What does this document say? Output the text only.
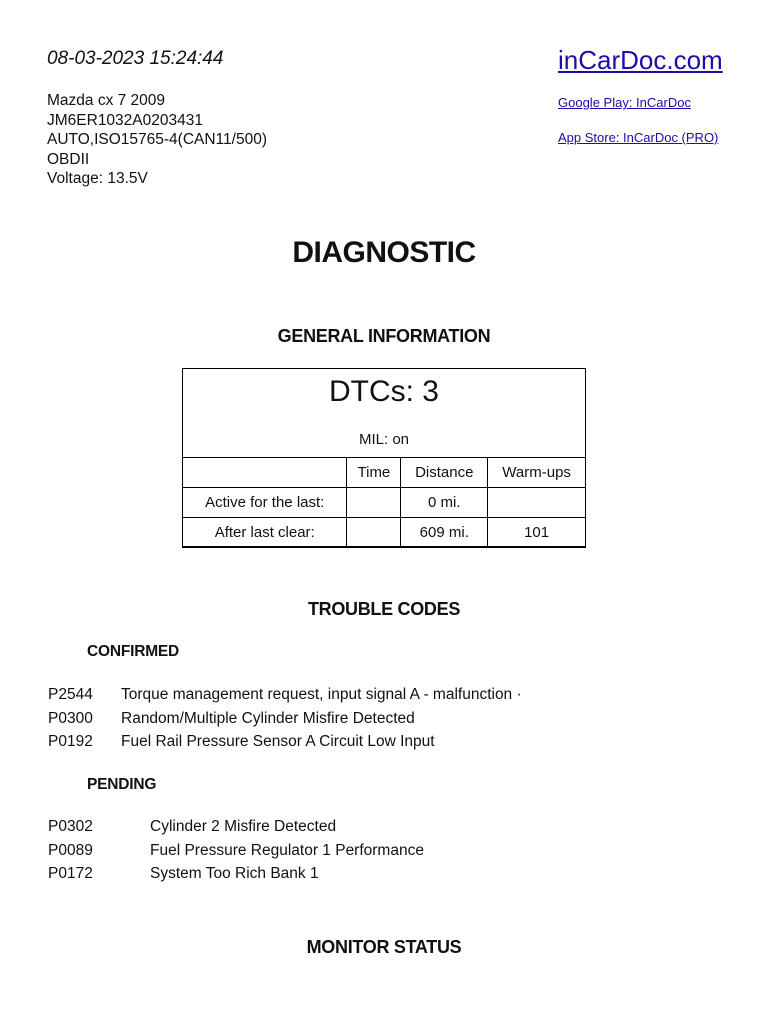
08-03-2023 15:24:44
Mazda cx 7 2009
JM6ER1032A0203431
AUTO,ISO15765-4(CAN11/500)
OBDII
Voltage: 13.5V
inCarDoc.com
Google Play: InCarDoc
App Store: InCarDoc (PRO)
DIAGNOSTIC
GENERAL INFORMATION
DTCs: 3
MIL: on
	Time	Distance	Warm-ups
Active for the last:		0 mi.	
After last clear:		609 mi.	101
TROUBLE CODES
CONFIRMED
P2544 Torque management request, input signal A - malfunction ·
P0300 Random/Multiple Cylinder Misfire Detected
P0192 Fuel Rail Pressure Sensor A Circuit Low Input
PENDING
P0302	Cylinder 2 Misfire Detected
P0089	Fuel Pressure Regulator 1 Performance
P0172	System Too Rich Bank 1
MONITOR STATUS
